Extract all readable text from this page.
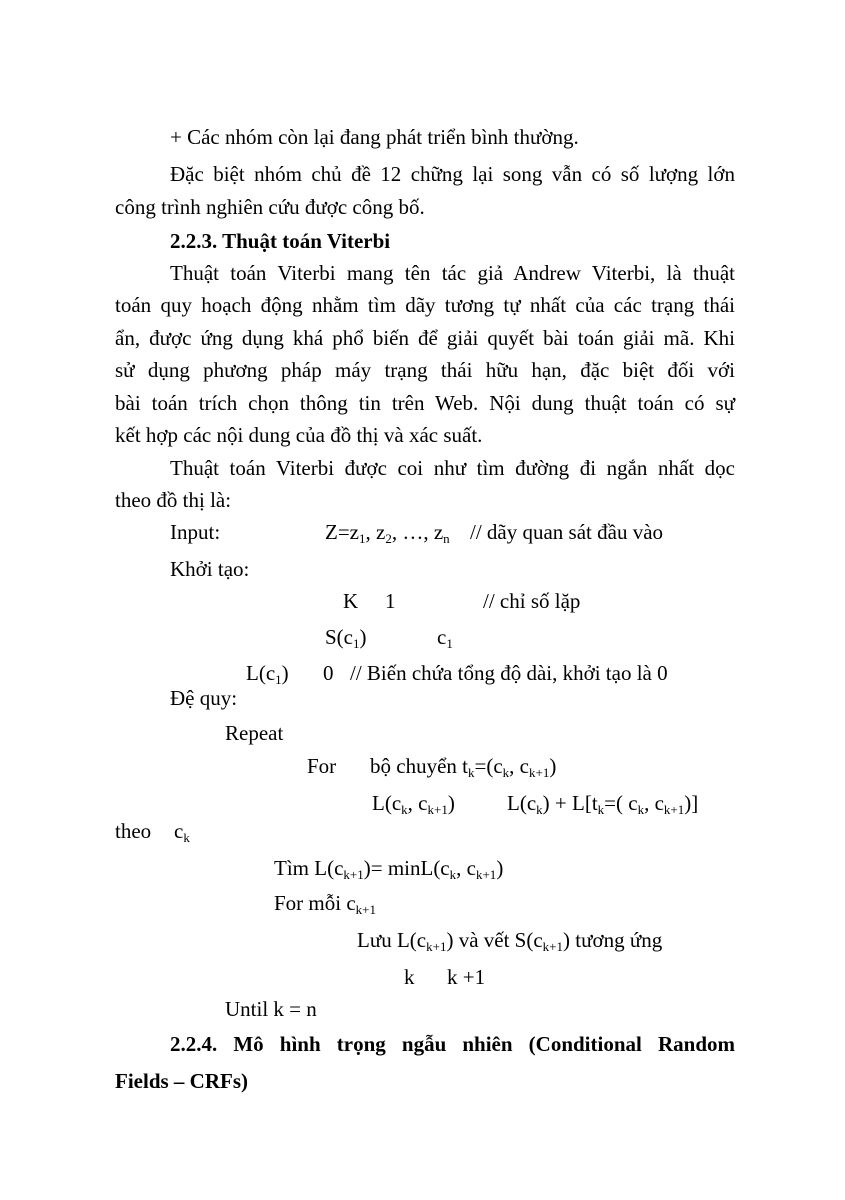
+ Các nhóm còn lại đang phát triển bình thường.
Đặc biệt nhóm chủ đề 12 chững lại song vẫn có số lượng lớn
công trình nghiên cứu được công bố.
2.2.3. Thuật toán Viterbi
Thuật toán Viterbi mang tên tác giả Andrew Viterbi, là thuật
toán quy hoạch động nhằm tìm dãy tương tự nhất của các trạng thái
ẩn, được ứng dụng khá phổ biến để giải quyết bài toán giải mã. Khi
sử dụng phương pháp máy trạng thái hữu hạn, đặc biệt đối với
bài toán trích chọn thông tin trên Web. Nội dung thuật toán có sự
kết hợp các nội dung của đồ thị và xác suất.
Thuật toán Viterbi được coi như tìm đường đi ngắn nhất dọc
theo đồ thị là:
Input:	$Z=z_1$, $z_2$, …, $z_n$ // dãy quan sát đầu vào
Khởi tạo:
K 1	// chỉ số lặp
$S(c_1)$	$c_1$
$L(c_1)$ 0 // Biến chứa tổng độ dài, khởi tạo là 0
Đệ quy:
Repeat
For bộ chuyển $t_k=(c_k$, $c_{k+1}$)
$L(c_k$, $c_{k+1}$) $L(c_k) + L[t_k=$( $c_k$, $c_{k+1}$)]
theo $c_k$
Tìm $L(c_{k+1})= \min L(c_k$, $c_{k+1}$)
For mỗi $c_{k+1}$
Lưu $L(c_{k+1})$ và vết $S(c_{k+1})$ tương ứng
k k +1
Until k = n
2.2.4. Mô hình trọng ngẫu nhiên (Conditional Random
Fields – CRFs)
